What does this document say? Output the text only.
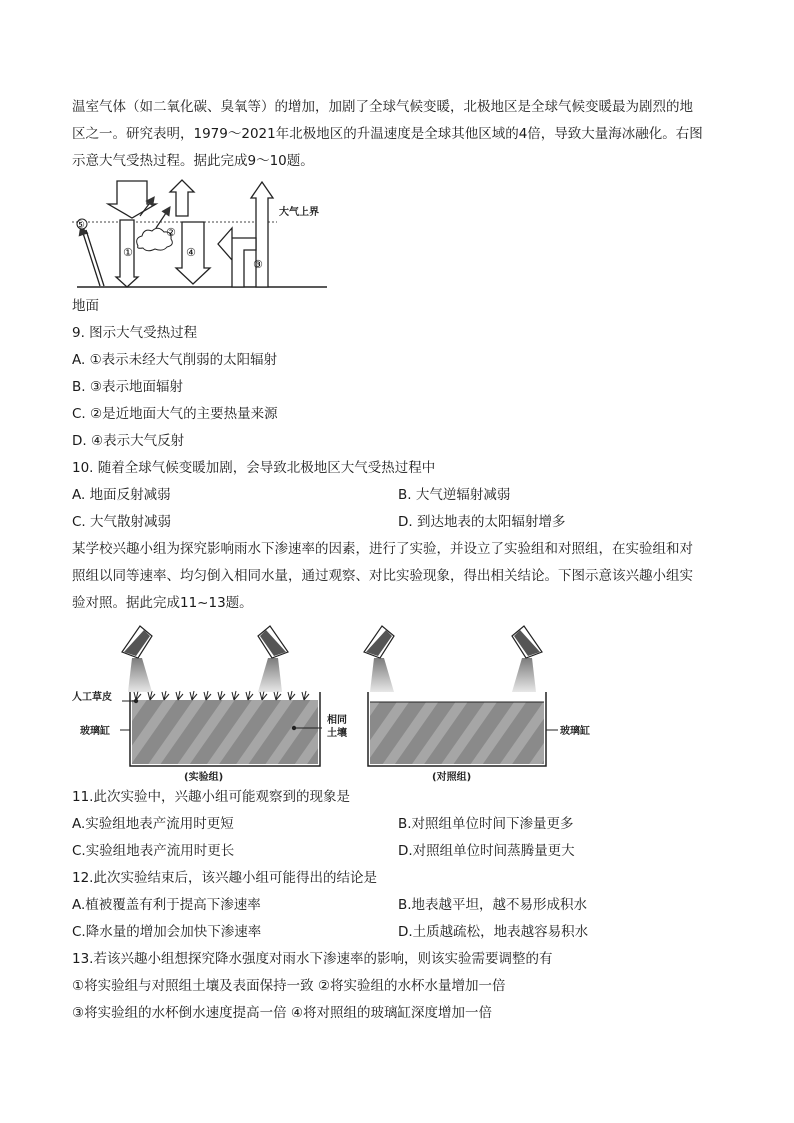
温室气体（如二氧化碳、臭氧等）的增加，加剧了全球气候变暖，北极地区是全球气候变暖最为剧烈的地
区之一。研究表明，1979～2021年北极地区的升温速度是全球其他区域的4倍，导致大量海冰融化。右图
示意大气受热过程。据此完成9～10题。
大气上界
①
②
④
③
⑤
地面
9. 图示大气受热过程
A. ①表示未经大气削弱的太阳辐射
B. ③表示地面辐射
C. ②是近地面大气的主要热量来源
D. ④表示大气反射
10. 随着全球气候变暖加剧，会导致北极地区大气受热过程中
A. 地面反射减弱	B. 大气逆辐射减弱
C. 大气散射减弱	D. 到达地表的太阳辐射增多
某学校兴趣小组为探究影响雨水下渗速率的因素，进行了实验，并设立了实验组和对照组，在实验组和对
照组以同等速率、均匀倒入相同水量，通过观察、对比实验现象，得出相关结论。下图示意该兴趣小组实
验对照。据此完成11~13题。
人工草皮
玻璃缸
(实验组)
相同
土壤	玻璃缸
(对照组)
11.此次实验中，兴趣小组可能观察到的现象是
A.实验组地表产流用时更短	B.对照组单位时间下渗量更多
C.实验组地表产流用时更长	D.对照组单位时间蒸腾量更大
12.此次实验结束后，该兴趣小组可能得出的结论是
A.植被覆盖有利于提高下渗速率	B.地表越平坦，越不易形成积水
C.降水量的增加会加快下渗速率	D.土质越疏松，地表越容易积水
13.若该兴趣小组想探究降水强度对雨水下渗速率的影响，则该实验需要调整的有
①将实验组与对照组土壤及表面保持一致 ②将实验组的水杯水量增加一倍
③将实验组的水杯倒水速度提高一倍 ④将对照组的玻璃缸深度增加一倍
